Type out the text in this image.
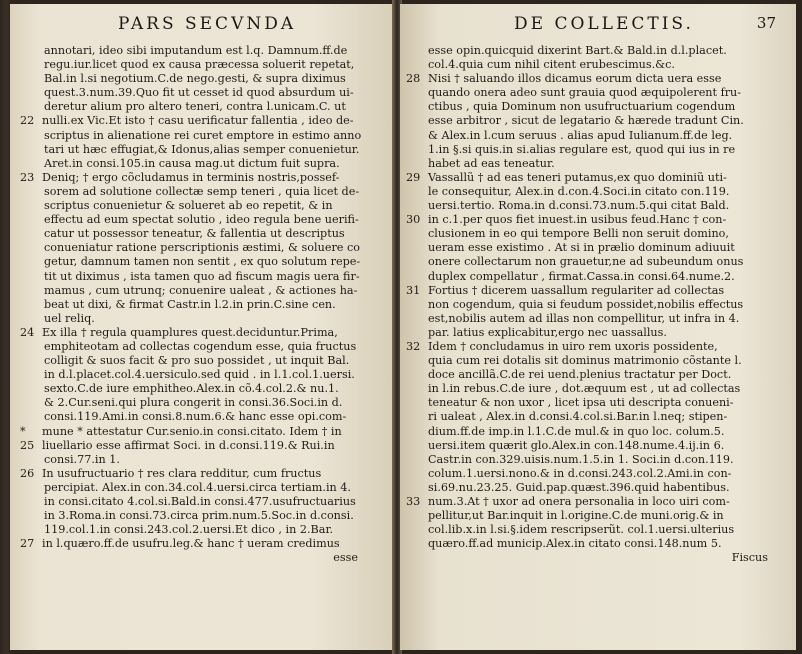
PARS SECVNDA
annotari, ideo sibi imputandum est l.q. Damnum.ff.de
regu.iur.licet quod ex causa præcessa soluerit repetat,
Bal.in l.si negotium.C.de nego.gesti, & supra diximus
quest.3.num.39.Quo fit ut cesset id quod absurdum ui-
deretur alium pro altero teneri, contra l.unicam.C. ut
22 nulli.ex Vic.Et isto † casu uerificatur fallentia , ideo de-
scriptus in alienatione rei curet emptore in estimo anno
tari ut hæc effugiat,& Idonus,alias semper conuenietur.
Aret.in consi.105.in causa mag.ut dictum fuit supra.
23 Deniq; † ergo cõcludamus in terminis nostris,possef-
sorem ad solutione collectæ semp teneri , quia licet de-
scriptus conuenietur & solueret ab eo repetit, & in
effectu ad eum spectat solutio , ideo regula bene uerifi-
catur ut possessor teneatur, & fallentia ut descriptus
conueniatur ratione perscriptionis æstimi, & soluere co
getur, damnum tamen non sentit , ex quo solutum repe-
tit ut diximus , ista tamen quo ad fiscum magis uera fir-
mamus , cum utrunq; conuenire ualeat , & actiones ha-
beat ut dixi, & firmat Castr.in l.2.in prin.C.sine cen.
uel reliq.
24 Ex illa † regula quamplures quest.deciduntur.Prima,
emphiteotam ad collectas cogendum esse, quia fructus
colligit & suos facit & pro suo possidet , ut inquit Bal.
in d.l.placet.col.4.uersiculo.sed quid . in l.1.col.1.uersi.
sexto.C.de iure emphitheo.Alex.in cõ.4.col.2.& nu.1.
& 2.Cur.seni.qui plura congerit in consi.36.Soci.in d.
consi.119.Ami.in consi.8.num.6.& hanc esse opi.com-
* mune * attestatur Cur.senio.in consi.citato. Idem † in
25 liuellario esse affirmat Soci. in d.consi.119.& Rui.in
consi.77.in 1.
26 In usufructuario † res clara redditur, cum fructus
percipiat. Alex.in con.34.col.4.uersi.circa tertiam.in 4.
in consi.citato 4.col.si.Bald.in consi.477.usufructuarius
in 3.Roma.in consi.73.circa prim.num.5.Soc.in d.consi.
119.col.1.in consi.243.col.2.uersi.Et dico , in 2.Bar.
27 in l.quæro.ff.de usufru.leg.& hanc † ueram credimus
esse
DE COLLECTIS.	37
esse opin.quicquid dixerint Bart.& Bald.in d.l.placet.
col.4.quia cum nihil citent erubescimus.&c.
28 Nisi † saluando illos dicamus eorum dicta uera esse
quando onera adeo sunt grauia quod æquipolerent fru-
ctibus , quia Dominum non usufructuarium cogendum
esse arbitror , sicut de legatario & hærede tradunt Cin.
& Alex.in l.cum seruus . alias apud Iulianum.ff.de leg.
1.in §.si quis.in si.alias regulare est, quod qui ius in re
habet ad eas teneatur.
29 Vassallũ † ad eas teneri putamus,ex quo dominiũ uti-
le consequitur, Alex.in d.con.4.Soci.in citato con.119.
uersi.tertio. Roma.in d.consi.73.num.5.qui citat Bald.
30 in c.1.per quos fiet inuest.in usibus feud.Hanc † con-
clusionem in eo qui tempore Belli non seruit domino,
ueram esse existimo . At si in prælio dominum adiuuit
onere collectarum non grauetur,ne ad subeundum onus
duplex compellatur , firmat.Cassa.in consi.64.nume.2.
31 Fortius † dicerem uassallum regulariter ad collectas
non cogendum, quia si feudum possidet,nobilis effectus
est,nobilis autem ad illas non compellitur, ut infra in 4.
par. latius explicabitur,ergo nec uassallus.
32 Idem † concludamus in uiro rem uxoris possidente,
quia cum rei dotalis sit dominus matrimonio cõstante l.
doce ancillã.C.de rei uend.plenius tractatur per Doct.
in l.in rebus.C.de iure , dot.æquum est , ut ad collectas
teneatur & non uxor , licet ipsa uti descripta conueni-
ri ualeat , Alex.in d.consi.4.col.si.Bar.in l.neq; stipen-
dium.ff.de imp.in l.1.C.de mul.& in quo loc. colum.5.
uersi.item quærit glo.Alex.in con.148.nume.4.ij.in 6.
Castr.in con.329.uisis.num.1.5.in 1. Soci.in d.con.119.
colum.1.uersi.nono.& in d.consi.243.col.2.Ami.in con-
si.69.nu.23.25. Guid.pap.quæst.396.quid habentibus.
33 num.3.At † uxor ad onera personalia in loco uiri com-
pellitur,ut Bar.inquit in l.origine.C.de muni.orig.& in
col.lib.x.in l.si.§.idem rescripserũt. col.1.uersi.ulterius
quæro.ff.ad municip.Alex.in citato consi.148.num 5.
Fiscus
